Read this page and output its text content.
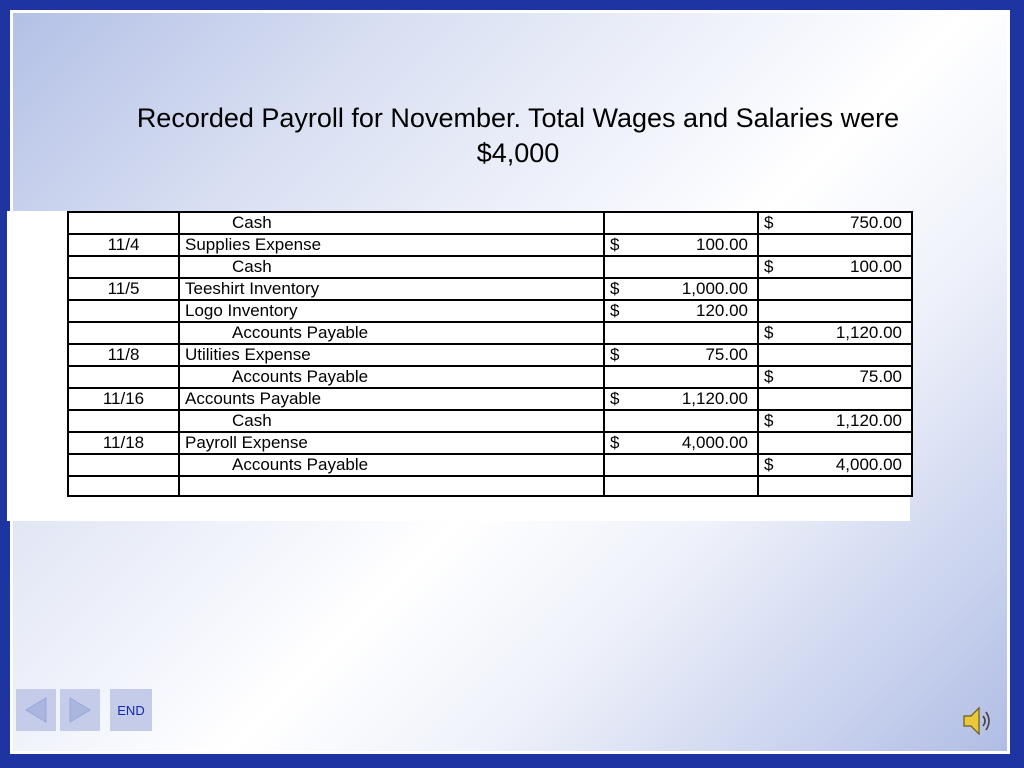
Recorded Payroll for November. Total Wages and Salaries were $4,000
	Cash		$ 750.00

11/4	Supplies Expense	$ 100.00	

	Cash		$ 100.00

11/5	Teeshirt Inventory	$ 1,000.00	

	Logo Inventory	$ 120.00	

	Accounts Payable		$ 1,120.00

11/8	Utilities Expense	$ 75.00	

	Accounts Payable		$ 75.00

11/16	Accounts Payable	$ 1,120.00	

	Cash		$ 1,120.00

11/18	Payroll Expense	$ 4,000.00	

	Accounts Payable		$ 4,000.00

END
